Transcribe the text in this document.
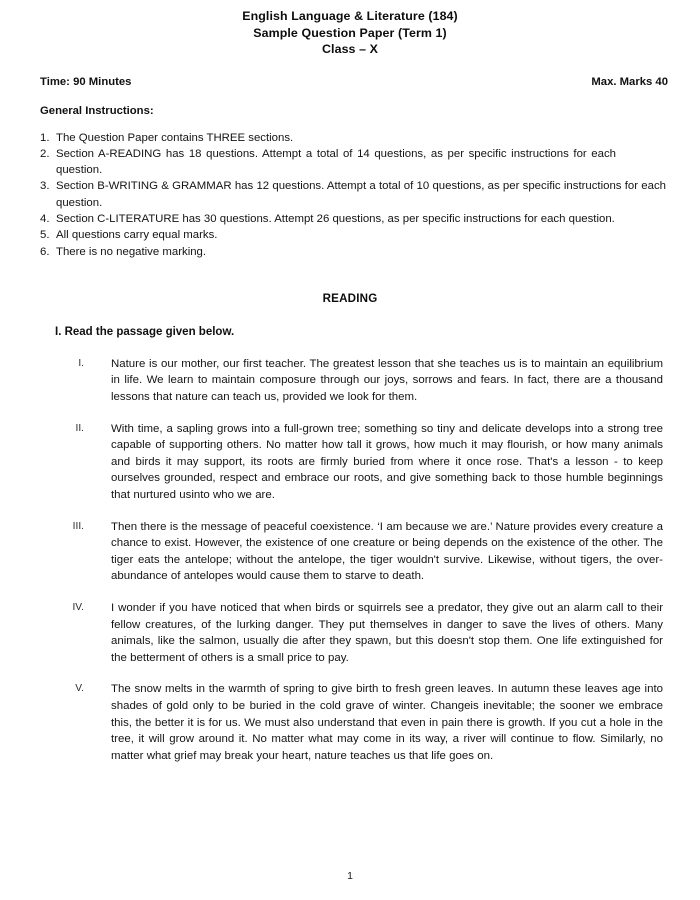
English Language & Literature (184)
Sample Question Paper (Term 1)
Class – X
Time: 90 Minutes	Max. Marks 40
General Instructions:
1. The Question Paper contains THREE sections.
2. Section A-READING has 18 questions. Attempt a total of 14 questions, as per specific instructions for each question.
3. Section B-WRITING & GRAMMAR has 12 questions. Attempt a total of 10 questions, as per specific instructions for each question.
4. Section C-LITERATURE has 30 questions. Attempt 26 questions, as per specific instructions for each question.
5. All questions carry equal marks.
6. There is no negative marking.
READING
I. Read the passage given below.
I.	Nature is our mother, our first teacher. The greatest lesson that she teaches us is to maintain an equilibrium in life. We learn to maintain composure through our joys, sorrows and fears. In fact, there are a thousand lessons that nature can teach us, provided we look for them.
II.	With time, a sapling grows into a full-grown tree; something so tiny and delicate develops into a strong tree capable of supporting others. No matter how tall it grows, how much it may flourish, or how many animals and birds it may support, its roots are firmly buried from where it once rose. That's a lesson - to keep ourselves grounded, respect and embrace our roots, and give something back to those humble beginnings that nurtured usinto who we are.
III.	Then there is the message of peaceful coexistence. ‘I am because we are.’ Nature provides every creature a chance to exist. However, the existence of one creature or being depends on the existence of the other. The tiger eats the antelope; without the antelope, the tiger wouldn't survive. Likewise, without tigers, the over-abundance of antelopes would cause them to starve to death.
IV.	I wonder if you have noticed that when birds or squirrels see a predator, they give out an alarm call to their fellow creatures, of the lurking danger. They put themselves in danger to save the lives of others. Many animals, like the salmon, usually die after they spawn, but this doesn't stop them. One life extinguished for the betterment of others is a small price to pay.
V.	The snow melts in the warmth of spring to give birth to fresh green leaves. In autumn these leaves age into shades of gold only to be buried in the cold grave of winter. Changeis inevitable; the sooner we embrace this, the better it is for us. We must also understand that even in pain there is growth. If you cut a hole in the tree, it will grow around it. No matter what may come in its way, a river will continue to flow. Similarly, no matter what grief may break your heart, nature teaches us that life goes on.
1
